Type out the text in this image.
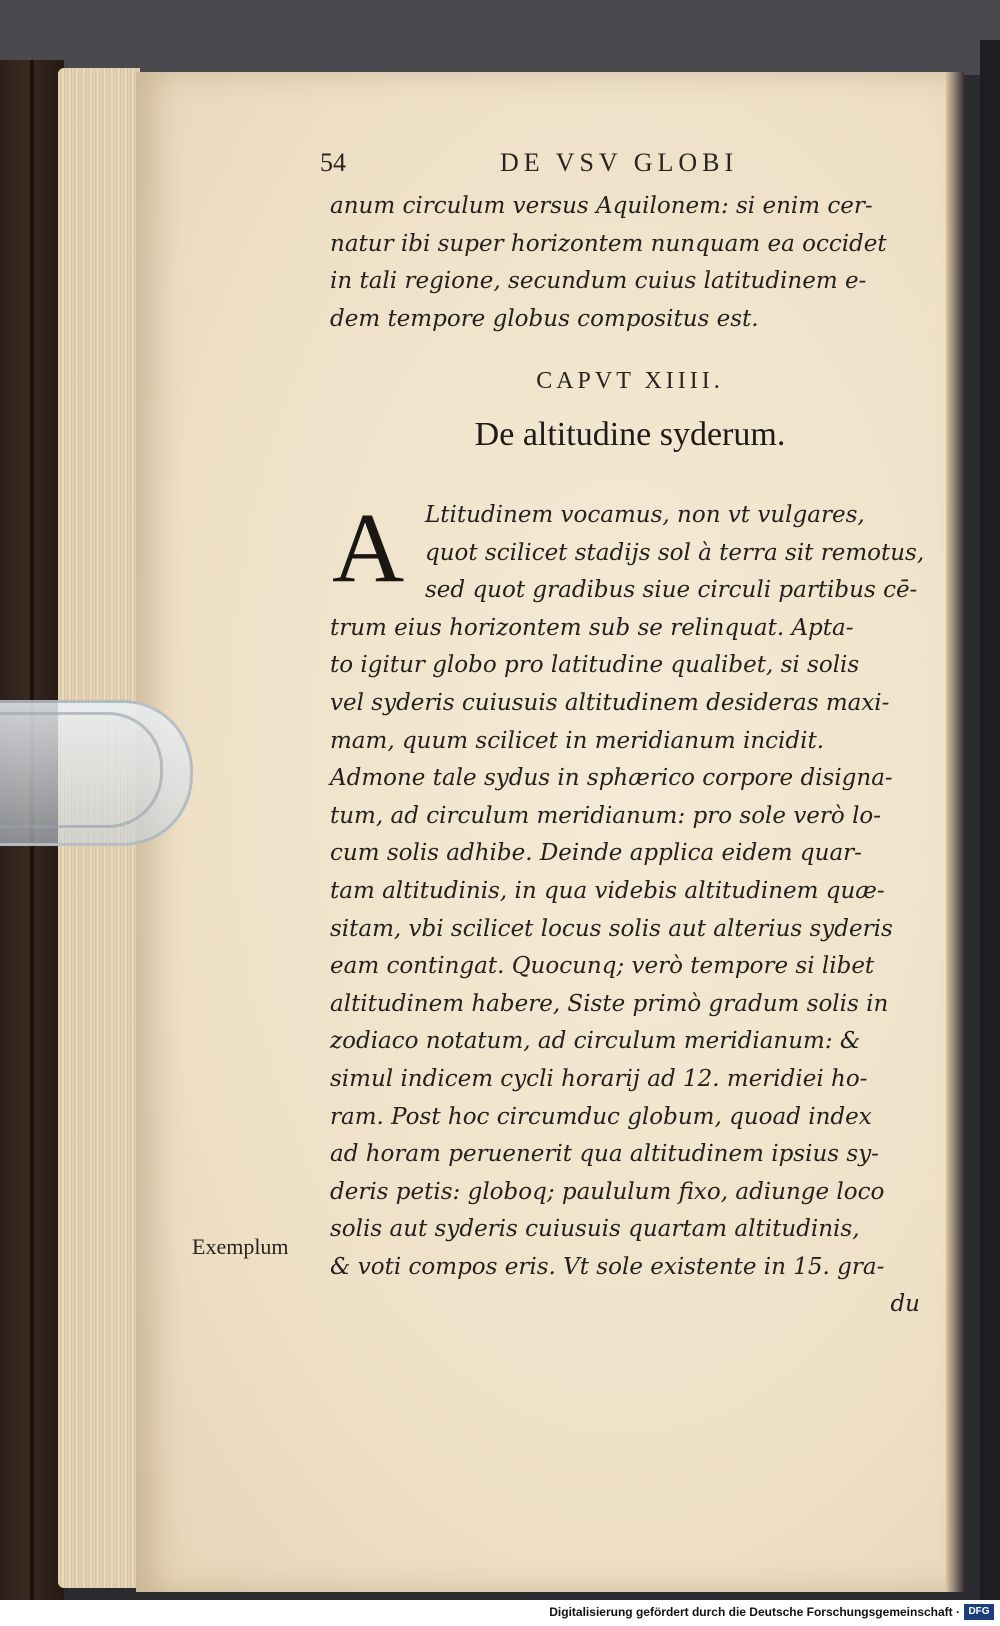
54	DE VSV GLOBI
anum circulum versus Aquilonem: si enim cer-
natur ibi super horizontem nunquam ea occidet
in tali regione, secundum cuius latitudinem e-
dem tempore globus compositus est.
CAPVT XIIII.
De altitudine syderum.
A Ltitudinem vocamus, non vt vulgares,
quot scilicet stadijs sol à terra sit remotus,
sed quot gradibus siue circuli partibus cē-
trum eius horizontem sub se relinquat. Apta-
to igitur globo pro latitudine qualibet, si solis
vel syderis cuiusuis altitudinem desideras maxi-
mam, quum scilicet in meridianum incidit.
Admone tale sydus in sphærico corpore disigna-
tum, ad circulum meridianum: pro sole verò lo-
cum solis adhibe. Deinde applica eidem quar-
tam altitudinis, in qua videbis altitudinem quæ-
sitam, vbi scilicet locus solis aut alterius syderis
eam contingat. Quocunq; verò tempore si libet
altitudinem habere, Siste primò gradum solis in
zodiaco notatum, ad circulum meridianum: &
simul indicem cycli horarij ad 12. meridiei ho-
ram. Post hoc circumduc globum, quoad index
ad horam peruenerit qua altitudinem ipsius sy-
deris petis: globoq; paululum fixo, adiunge loco
solis aut syderis cuiusuis quartam altitudinis,
& voti compos eris. Vt sole existente in 15. gra-
du
Exemplum
Digitalisierung gefördert durch die Deutsche Forschungsgemeinschaft · DFG
